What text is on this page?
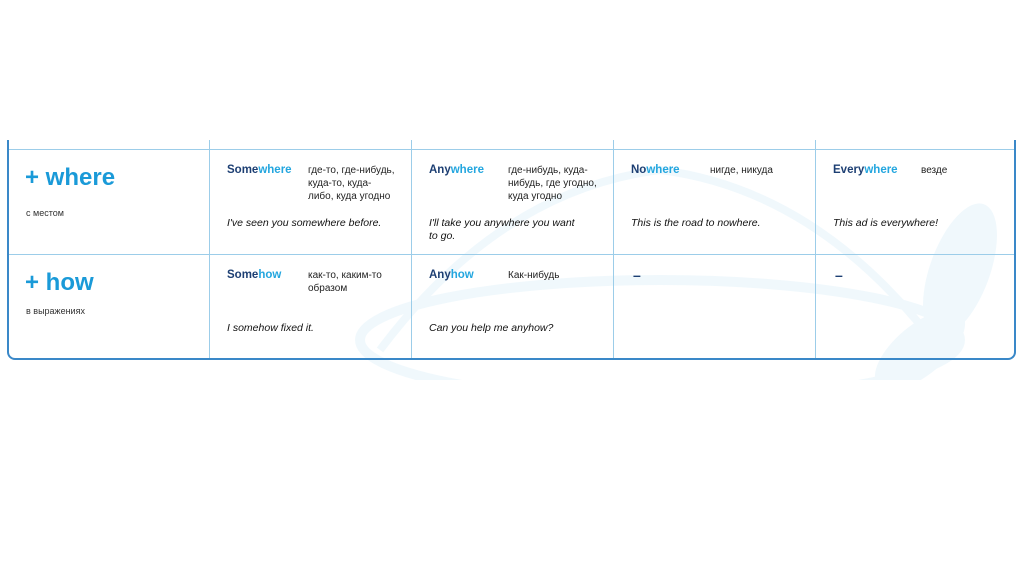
+ where
с местом
Somewhere где-то, где-нибудь,
куда-то, куда-
либо, куда угодно
I've seen you somewhere before.
Anywhere где-нибудь, куда-
нибудь, где угодно,
куда угодно
I'll take you anywhere you want
to go.
Nowhere	нигде, никуда
This is the road to nowhere.
Everywhere везде
This ad is everywhere!
+ how
в выражениях
Somehow	как-то, каким-то
образом
I somehow fixed it.
Anyhow	Как-нибудь
Can you help me anyhow?
–	–
